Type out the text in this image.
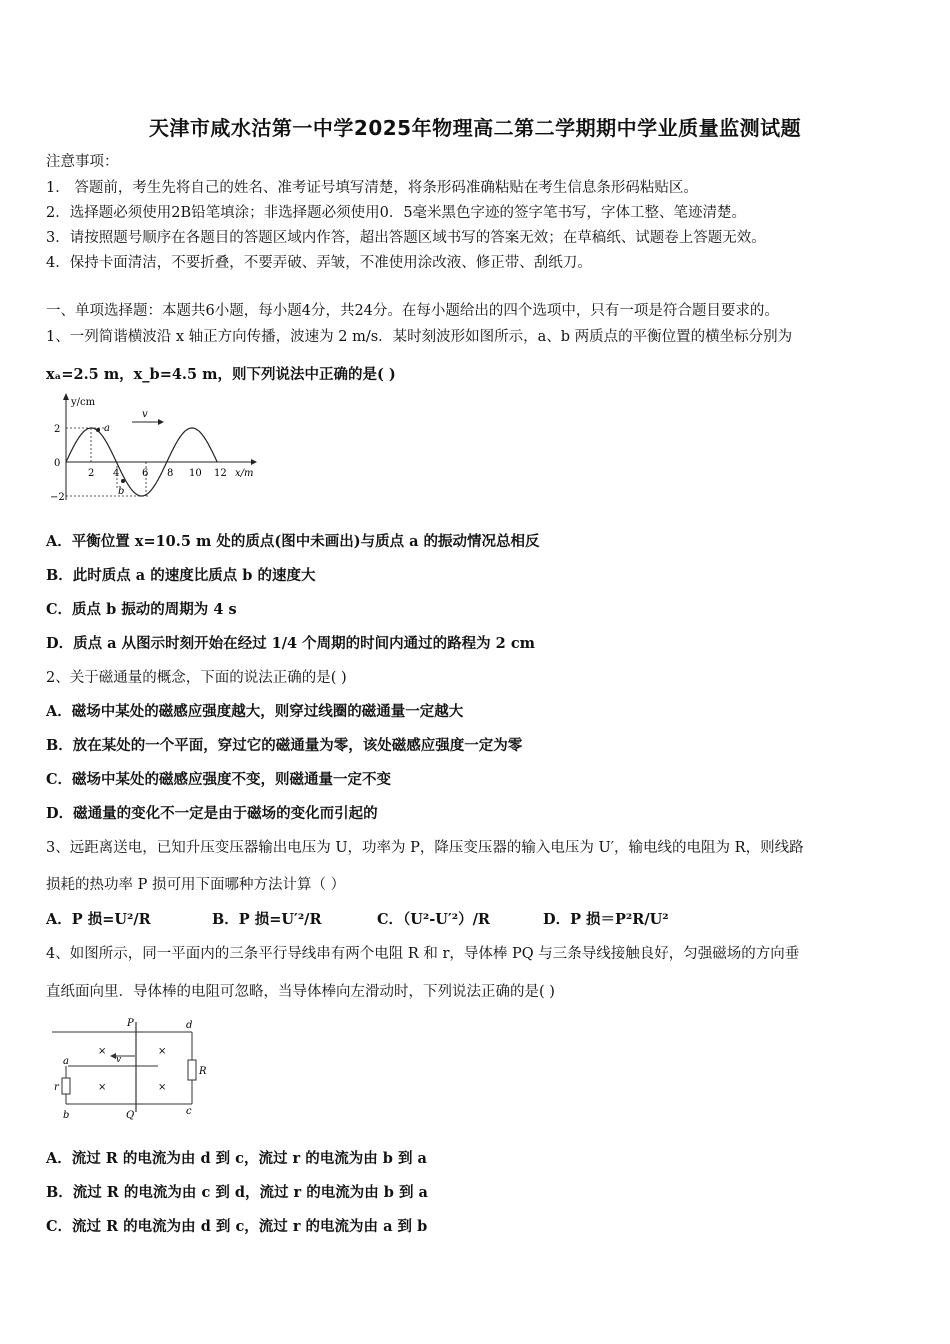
天津市咸水沽第一中学2025年物理高二第二学期期中学业质量监测试题
注意事项：
1． 答题前，考生先将自己的姓名、准考证号填写清楚，将条形码准确粘贴在考生信息条形码粘贴区。
2．选择题必须使用2B铅笔填涂；非选择题必须使用0．5毫米黑色字迹的签字笔书写，字体工整、笔迹清楚。
3．请按照题号顺序在各题目的答题区域内作答，超出答题区域书写的答案无效；在草稿纸、试题卷上答题无效。
4．保持卡面清洁，不要折叠，不要弄破、弄皱，不准使用涂改液、修正带、刮纸刀。
一、单项选择题：本题共6小题，每小题4分，共24分。在每小题给出的四个选项中，只有一项是符合题目要求的。
1、一列简谐横波沿 x 轴正方向传播，波速为 2 m/s．某时刻波形如图所示，a、b 两质点的平衡位置的横坐标分别为
xₐ=2.5 m，x_b=4.5 m，则下列说法中正确的是( )
v
y/cm
x/m
2
0
−2
2 4 6 8 10 12
a
b
A．平衡位置 x=10.5 m 处的质点(图中未画出)与质点 a 的振动情况总相反
B．此时质点 a 的速度比质点 b 的速度大
C．质点 b 振动的周期为 4 s
D．质点 a 从图示时刻开始在经过 1/4 个周期的时间内通过的路程为 2 cm
2、关于磁通量的概念，下面的说法正确的是( )
A．磁场中某处的磁感应强度越大，则穿过线圈的磁通量一定越大
B．放在某处的一个平面，穿过它的磁通量为零，该处磁感应强度一定为零
C．磁场中某处的磁感应强度不变，则磁通量一定不变
D．磁通量的变化不一定是由于磁场的变化而引起的
3、远距离送电，已知升压变压器输出电压为 U，功率为 P，降压变压器的输入电压为 U′，输电线的电阻为 R，则线路
损耗的热功率 P 损可用下面哪种方法计算（ ）
A．P 损=U²/R	B．P 损=U′²/R	C．（U²-U′²）/R	D．P 损＝P²R/U²
4、如图所示，同一平面内的三条平行导线串有两个电阻 R 和 r，导体棒 PQ 与三条导线接触良好，匀强磁场的方向垂
直纸面向里．导体棒的电阻可忽略，当导体棒向左滑动时，下列说法正确的是( )
v
×	×
×	×
P
Q
d
c
a
b
R
r
A．流过 R 的电流为由 d 到 c，流过 r 的电流为由 b 到 a
B．流过 R 的电流为由 c 到 d，流过 r 的电流为由 b 到 a
C．流过 R 的电流为由 d 到 c，流过 r 的电流为由 a 到 b
